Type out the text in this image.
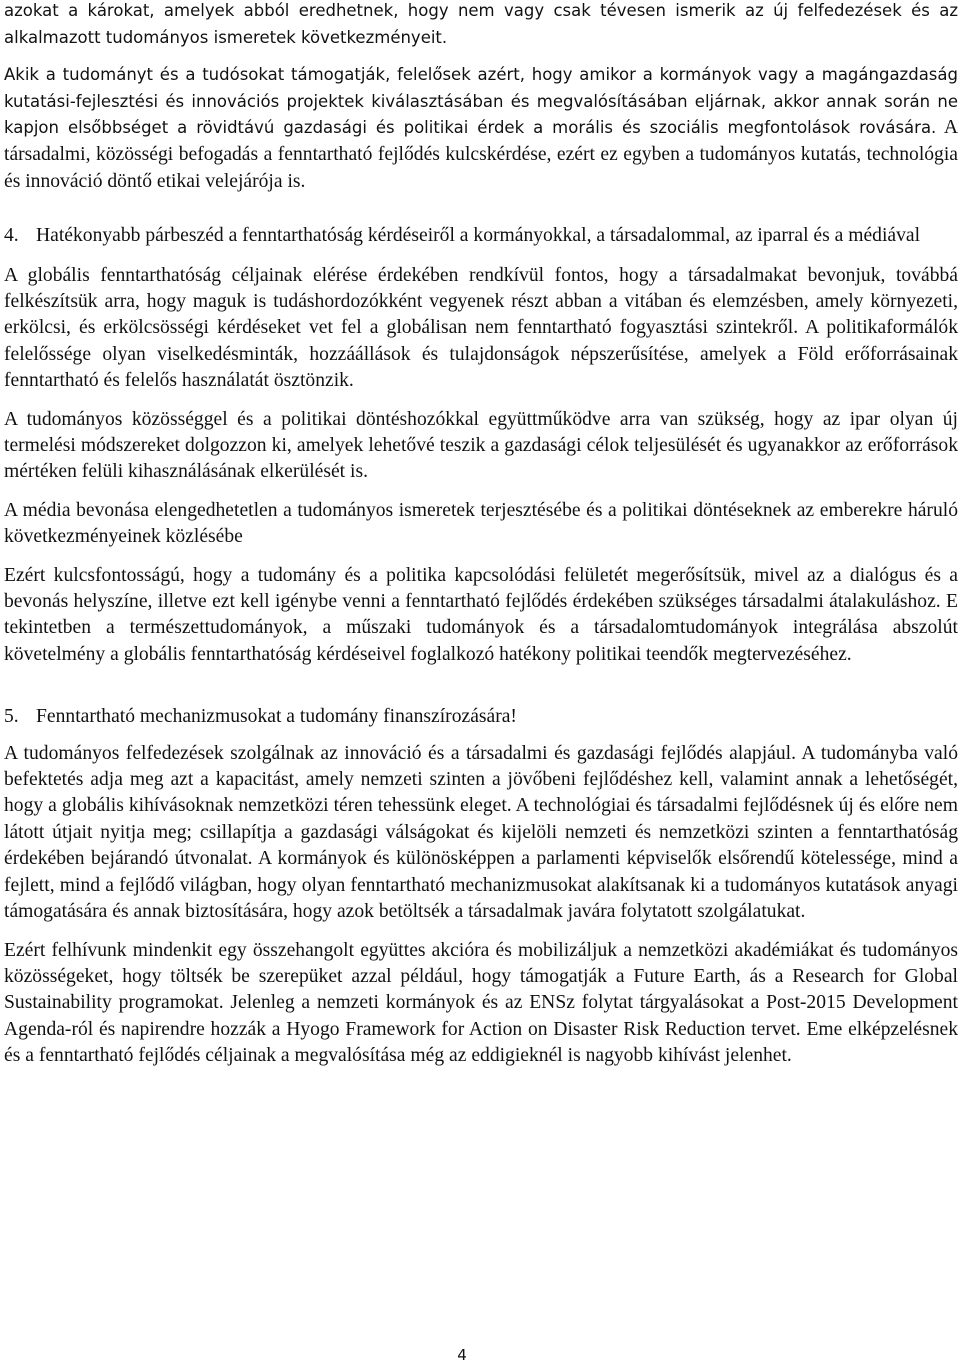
azokat a károkat, amelyek abból eredhetnek, hogy nem vagy csak tévesen ismerik az új felfedezések és az alkalmazott tudományos ismeretek következményeit.

Akik a tudományt és a tudósokat támogatják, felelősek azért, hogy amikor a kormányok vagy a magángazdaság kutatási-fejlesztési és innovációs projektek kiválasztásában és megvalósításában eljárnak, akkor annak során ne kapjon elsőbbséget a rövidtávú gazdasági és politikai érdek a morális és szociális megfontolások rovására. A társadalmi, közösségi befogadás a fenntartható fejlődés kulcskérdése, ezért ez egyben a tudományos kutatás, technológia és innováció döntő etikai velejárója is.

4. Hatékonyabb párbeszéd a fenntarthatóság kérdéseiről a kormányokkal, a társadalommal, az iparral és a médiával

A globális fenntarthatóság céljainak elérése érdekében rendkívül fontos, hogy a társadalmakat bevonjuk, továbbá felkészítsük arra, hogy maguk is tudáshordozókként vegyenek részt abban a vitában és elemzésben, amely környezeti, erkölcsi, és erkölcsösségi kérdéseket vet fel a globálisan nem fenntartható fogyasztási szintekről. A politikaformálók felelőssége olyan viselkedésminták, hozzáállások és tulajdonságok népszerűsítése, amelyek a Föld erőforrásainak fenntartható és felelős használatát ösztönzik.

A tudományos közösséggel és a politikai döntéshozókkal együttműködve arra van szükség, hogy az ipar olyan új termelési módszereket dolgozzon ki, amelyek lehetővé teszik a gazdasági célok teljesülését és ugyanakkor az erőforrások mértéken felüli kihasználásának elkerülését is.

A média bevonása elengedhetetlen a tudományos ismeretek terjesztésébe és a politikai döntéseknek az emberekre háruló következményeinek közlésébe

Ezért kulcsfontosságú, hogy a tudomány és a politika kapcsolódási felületét megerősítsük, mivel az a dialógus és a bevonás helyszíne, illetve ezt kell igénybe venni a fenntartható fejlődés érdekében szükséges társadalmi átalakuláshoz. E tekintetben a természettudományok, a műszaki tudományok és a társadalomtudományok integrálása abszolút követelmény a globális fenntarthatóság kérdéseivel foglalkozó hatékony politikai teendők megtervezéséhez.

5. Fenntartható mechanizmusokat a tudomány finanszírozására!

A tudományos felfedezések szolgálnak az innováció és a társadalmi és gazdasági fejlődés alapjául. A tudományba való befektetés adja meg azt a kapacitást, amely nemzeti szinten a jövőbeni fejlődéshez kell, valamint annak a lehetőségét, hogy a globális kihívásoknak nemzetközi téren tehessünk eleget. A technológiai és társadalmi fejlődésnek új és előre nem látott útjait nyitja meg; csillapítja a gazdasági válságokat és kijelöli nemzeti és nemzetközi szinten a fenntarthatóság érdekében bejárandó útvonalat. A kormányok és különösképpen a parlamenti képviselők elsőrendű kötelessége, mind a fejlett, mind a fejlődő világban, hogy olyan fenntartható mechanizmusokat alakítsanak ki a tudományos kutatások anyagi támogatására és annak biztosítására, hogy azok betöltsék a társadalmak javára folytatott szolgálatukat.

Ezért felhívunk mindenkit egy összehangolt együttes akcióra és mobilizáljuk a nemzetközi akadémiákat és tudományos közösségeket, hogy töltsék be szerepüket azzal például, hogy támogatják a Future Earth, ás a Research for Global Sustainability programokat. Jelenleg a nemzeti kormányok és az ENSz folytat tárgyalásokat a Post-2015 Development Agenda-ról és napirendre hozzák a Hyogo Framework for Action on Disaster Risk Reduction tervet. Eme elképzelésnek és a fenntartható fejlődés céljainak a megvalósítása még az eddigieknél is nagyobb kihívást jelenhet.

4
